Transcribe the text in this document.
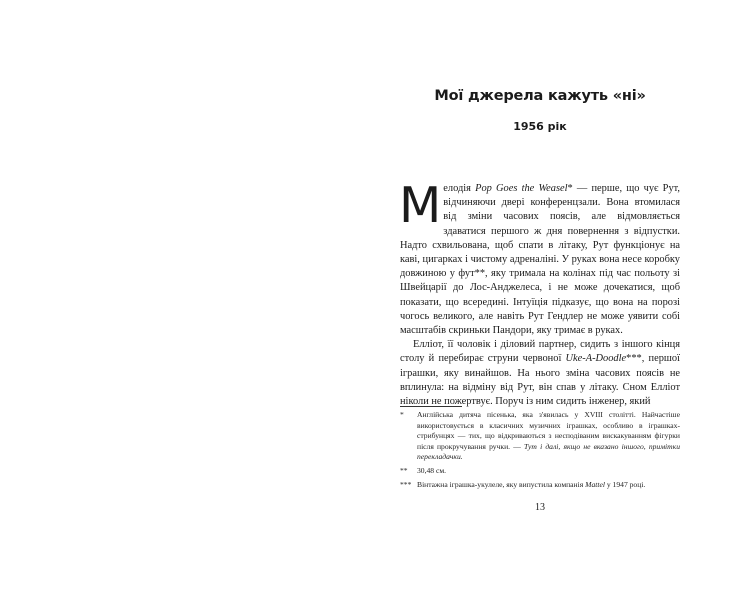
Мої джерела кажуть «ні»
1956 рік

Мелодія Pop Goes the Weasel* — перше, що чує Рут, відчиняючи двері конференцзали. Вона втомилася від зміни часових поясів, але відмовляється здаватися першого ж дня повернення з відпустки. Надто схвильована, щоб спати в літаку, Рут функціонує на каві, цигарках і чистому адреналіні. У руках вона несе коробку довжиною у фут**, яку тримала на колінах під час польоту зі Швейцарії до Лос-Анджелеса, і не може дочекатися, щоб показати, що всередині. Інтуїція підказує, що вона на порозі чогось великого, але навіть Рут Гендлер не може уявити собі масштабів скриньки Пандори, яку тримає в руках.

Елліот, її чоловік і діловий партнер, сидить з іншого кінця столу й перебирає струни червоної Uke-A-Doodle***, першої іграшки, яку винайшов. На нього зміна часових поясів не вплинула: на відміну від Рут, він спав у літаку. Сном Елліот ніколи не пожертвує. Поруч із ним сидить інженер, який

*	Англійська дитяча пісенька, яка з'явилась у XVIII столітті. Найчастіше використовується в класичних музичних іграшках, особливо в іграшках-стрибунцях — тих, що відкриваються з несподіваним вискакуванням фігурки після прокручування ручки. — Тут і далі, якщо не вказано іншого, примітки перекладачки.
**	30,48 см.
*** Вінтажна іграшка-укулеле, яку випустила компанія Mattel у 1947 році.
13
